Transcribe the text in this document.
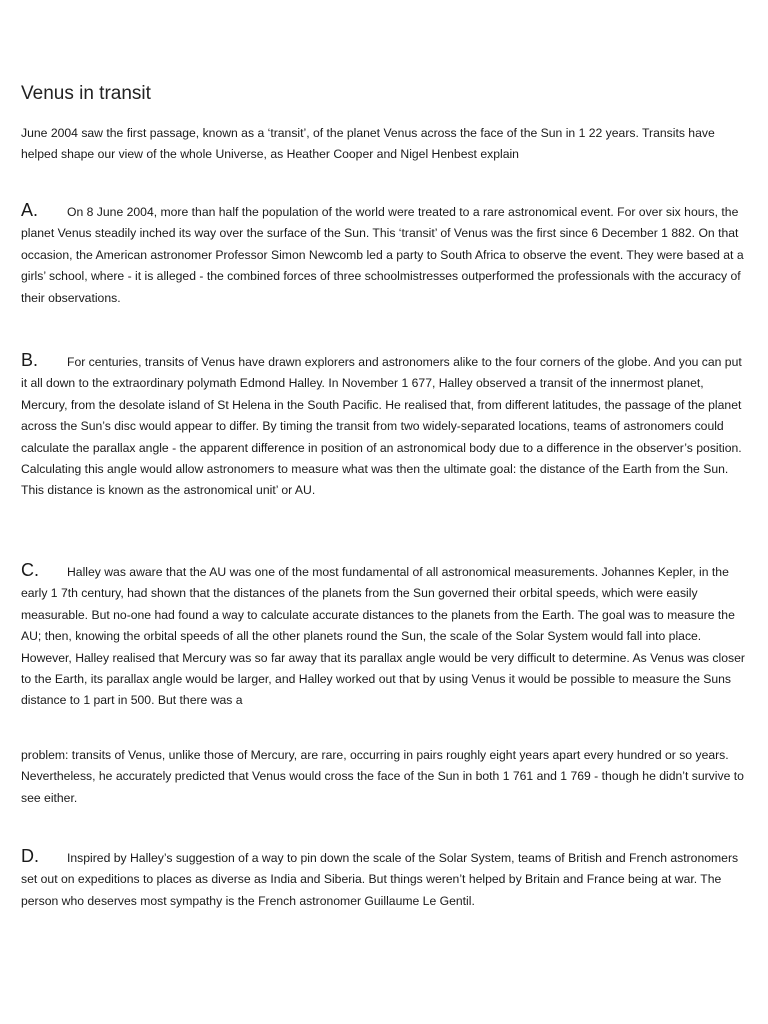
Venus in transit

June 2004 saw the first passage, known as a ‘transit’, of the planet Venus across the face of the Sun in 1 22 years. Transits have helped shape our view of the whole Universe, as Heather Cooper and Nigel Henbest explain

A. On 8 June 2004, more than half the population of the world were treated to a rare astronomical event. For over six hours, the planet Venus steadily inched its way over the surface of the Sun. This ‘transit’ of Venus was the first since 6 December 1 882. On that occasion, the American astronomer Professor Simon Newcomb led a party to South Africa to observe the event. They were based at a girls’ school, where - it is alleged - the combined forces of three schoolmistresses outperformed the professionals with the accuracy of their observations.

B. For centuries, transits of Venus have drawn explorers and astronomers alike to the four corners of the globe. And you can put it all down to the extraordinary polymath Edmond Halley. In November 1 677, Halley observed a transit of the innermost planet, Mercury, from the desolate island of St Helena in the South Pacific. He realised that, from different latitudes, the passage of the planet across the Sun’s disc would appear to differ. By timing the transit from two widely-separated locations, teams of astronomers could calculate the parallax angle - the apparent difference in position of an astronomical body due to a difference in the observer’s position. Calculating this angle would allow astronomers to measure what was then the ultimate goal: the distance of the Earth from the Sun. This distance is known as the astronomical unit’ or AU.

C. Halley was aware that the AU was one of the most fundamental of all astronomical measurements. Johannes Kepler, in the early 1 7th century, had shown that the distances of the planets from the Sun governed their orbital speeds, which were easily measurable. But no-one had found a way to calculate accurate distances to the planets from the Earth. The goal was to measure the AU; then, knowing the orbital speeds of all the other planets round the Sun, the scale of the Solar System would fall into place. However, Halley realised that Mercury was so far away that its parallax angle would be very difficult to determine. As Venus was closer to the Earth, its parallax angle would be larger, and Halley worked out that by using Venus it would be possible to measure the Suns distance to 1 part in 500. But there was a

problem: transits of Venus, unlike those of Mercury, are rare, occurring in pairs roughly eight years apart every hundred or so years. Nevertheless, he accurately predicted that Venus would cross the face of the Sun in both 1 761 and 1 769 - though he didn’t survive to see either.

D. Inspired by Halley’s suggestion of a way to pin down the scale of the Solar System, teams of British and French astronomers set out on expeditions to places as diverse as India and Siberia. But things weren’t helped by Britain and France being at war. The person who deserves most sympathy is the French astronomer Guillaume Le Gentil.
